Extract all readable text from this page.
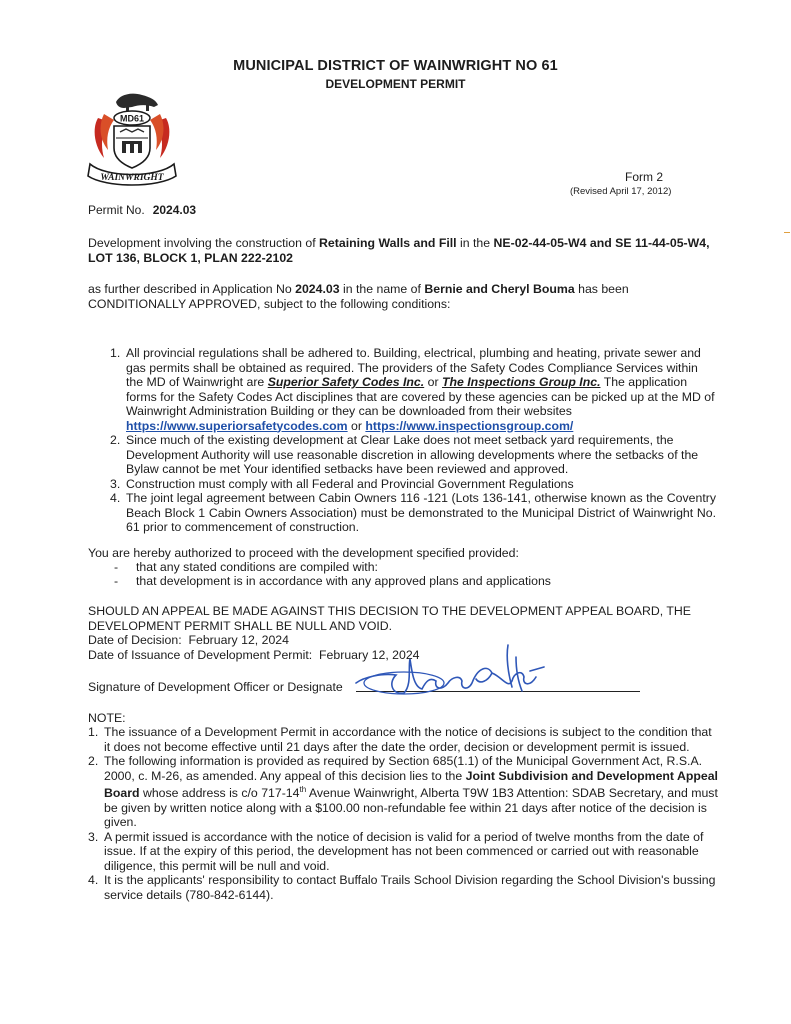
MUNICIPAL DISTRICT OF WAINWRIGHT NO 61
DEVELOPMENT PERMIT
MD61
WAINWRIGHT	Form 2
(Revised April 17, 2012)
Permit No. 2024.03
Development involving the construction of Retaining Walls and Fill in the NE-02-44-05-W4 and SE 11-44-05-W4, LOT 136, BLOCK 1, PLAN 222-2102
as further described in Application No 2024.03 in the name of Bernie and Cheryl Bouma has been CONDITIONALLY APPROVED, subject to the following conditions:
1. All provincial regulations shall be adhered to. Building, electrical, plumbing and heating, private sewer and gas permits shall be obtained as required. The providers of the Safety Codes Compliance Services within the MD of Wainwright are Superior Safety Codes Inc. or The Inspections Group Inc. The application forms for the Safety Codes Act disciplines that are covered by these agencies can be picked up at the MD of Wainwright Administration Building or they can be downloaded from their websites https://www.superiorsafetycodes.com or https://www.inspectionsgroup.com/
2. Since much of the existing development at Clear Lake does not meet setback yard requirements, the Development Authority will use reasonable discretion in allowing developments where the setbacks of the Bylaw cannot be met Your identified setbacks have been reviewed and approved.
3. Construction must comply with all Federal and Provincial Government Regulations
4. The joint legal agreement between Cabin Owners 116 -121 (Lots 136-141, otherwise known as the Coventry Beach Block 1 Cabin Owners Association) must be demonstrated to the Municipal District of Wainwright No. 61 prior to commencement of construction.
You are hereby authorized to proceed with the development specified provided:
- that any stated conditions are compiled with:
- that development is in accordance with any approved plans and applications
SHOULD AN APPEAL BE MADE AGAINST THIS DECISION TO THE DEVELOPMENT APPEAL BOARD, THE DEVELOPMENT PERMIT SHALL BE NULL AND VOID.
Date of Decision: February 12, 2024
Date of Issuance of Development Permit: February 12, 2024
Signature of Development Officer or Designate
NOTE:
1. The issuance of a Development Permit in accordance with the notice of decisions is subject to the condition that it does not become effective until 21 days after the date the order, decision or development permit is issued.
2. The following information is provided as required by Section 685(1.1) of the Municipal Government Act, R.S.A. 2000, c. M-26, as amended. Any appeal of this decision lies to the Joint Subdivision and Development Appeal Board whose address is c/o 717-14th Avenue Wainwright, Alberta T9W 1B3 Attention: SDAB Secretary, and must be given by written notice along with a $100.00 non-refundable fee within 21 days after notice of the decision is given.
3. A permit issued is accordance with the notice of decision is valid for a period of twelve months from the date of issue. If at the expiry of this period, the development has not been commenced or carried out with reasonable diligence, this permit will be null and void.
4. It is the applicants' responsibility to contact Buffalo Trails School Division regarding the School Division's bussing service details (780-842-6144).
